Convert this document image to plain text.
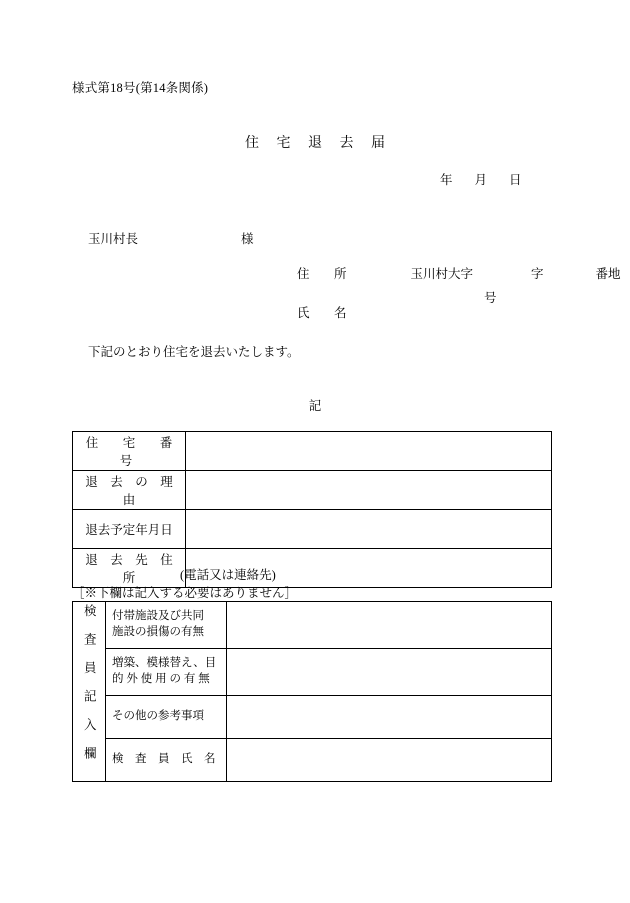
様式第18号(第14条関係)
住 宅 退 去 届
年 月 日
玉川村長	様
住　所	玉川村大字	字	番地
号
氏　名
下記のとおり住宅を退去いたします。
記
住　宅　番　号	
退　去　の　理　由	
退去予定年月日	
退　去　先　住　所		(電話又は連絡先)
［※下欄は記入する必要はありません］
検査員記入欄	付帯施設及び共同
施設の損傷の有無	

	増築、模様替え、目
的 外 使 用 の 有 無	

	その他の参考事項	

	検　査　員　氏　名	
